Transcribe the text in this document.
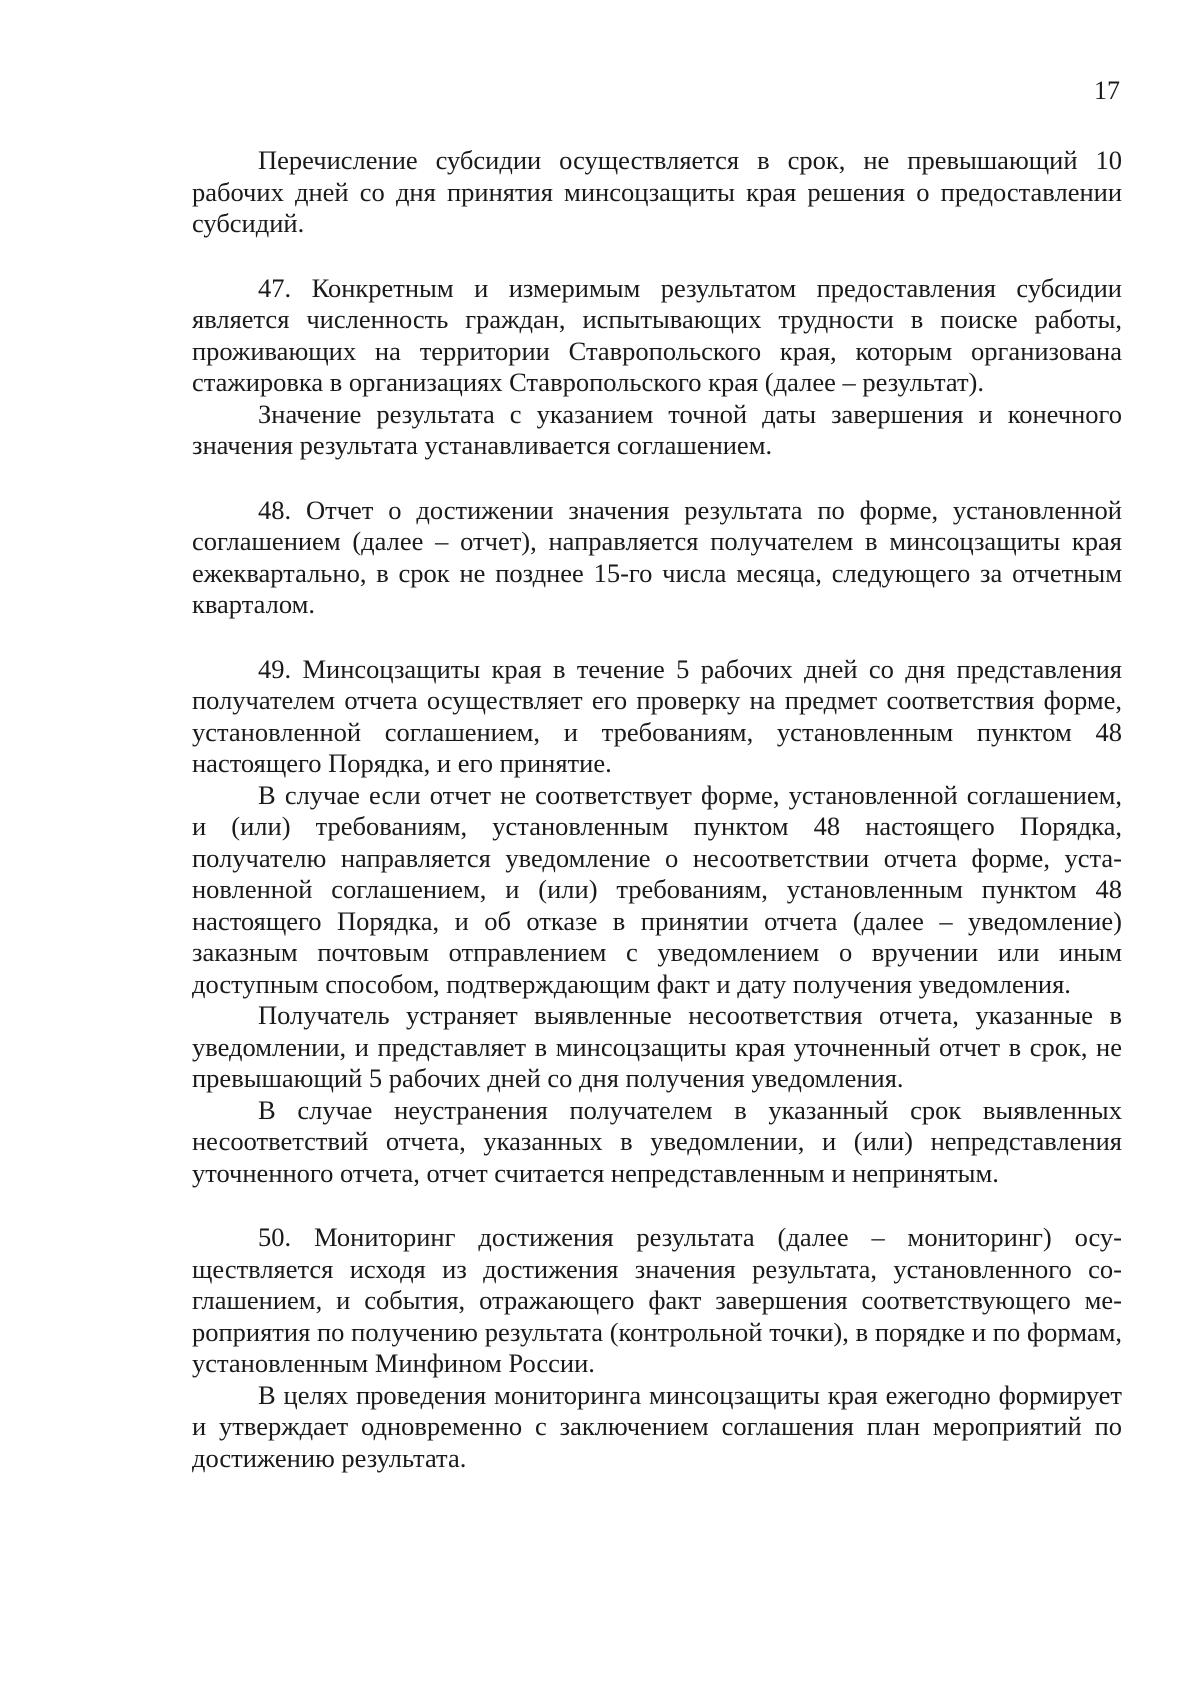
17

Перечисление субсидии осуществляется в срок, не превышающий 10 рабочих дней со дня принятия минсоцзащиты края решения о предоставлении субсидий.

47. Конкретным и измеримым результатом предоставления субсидии является численность граждан, испытывающих трудности в поиске работы, проживающих на территории Ставропольского края, которым организована стажировка в организациях Ставропольского края (далее – результат).

Значение результата с указанием точной даты завершения и конечного значения результата устанавливается соглашением.

48. Отчет о достижении значения результата по форме, установленной соглашением (далее – отчет), направляется получателем в минсоцзащиты края ежеквартально, в срок не позднее 15-го числа месяца, следующего за отчетным кварталом.

49. Минсоцзащиты края в течение 5 рабочих дней со дня представления получателем отчета осуществляет его проверку на предмет соответствия форме, установленной соглашением, и требованиям, установленным пунктом 48 настоящего Порядка, и его принятие.

В случае если отчет не соответствует форме, установленной соглашением, и (или) требованиям, установленным пунктом 48 настоящего Порядка, получателю направляется уведомление о несоответствии отчета форме, установленной соглашением, и (или) требованиям, установленным пунктом 48 настоящего Порядка, и об отказе в принятии отчета (далее – уведомление) заказным почтовым отправлением с уведомлением о вручении или иным доступным способом, подтверждающим факт и дату получения уведомления.

Получатель устраняет выявленные несоответствия отчета, указанные в уведомлении, и представляет в минсоцзащиты края уточненный отчет в срок, не превышающий 5 рабочих дней со дня получения уведомления.

В случае неустранения получателем в указанный срок выявленных несоответствий отчета, указанных в уведомлении, и (или) непредставления уточненного отчета, отчет считается непредставленным и непринятым.

50. Мониторинг достижения результата (далее – мониторинг) осуществляется исходя из достижения значения результата, установленного соглашением, и события, отражающего факт завершения соответствующего мероприятия по получению результата (контрольной точки), в порядке и по формам, установленным Минфином России.

В целях проведения мониторинга минсоцзащиты края ежегодно формирует и утверждает одновременно с заключением соглашения план мероприятий по достижению результата.
